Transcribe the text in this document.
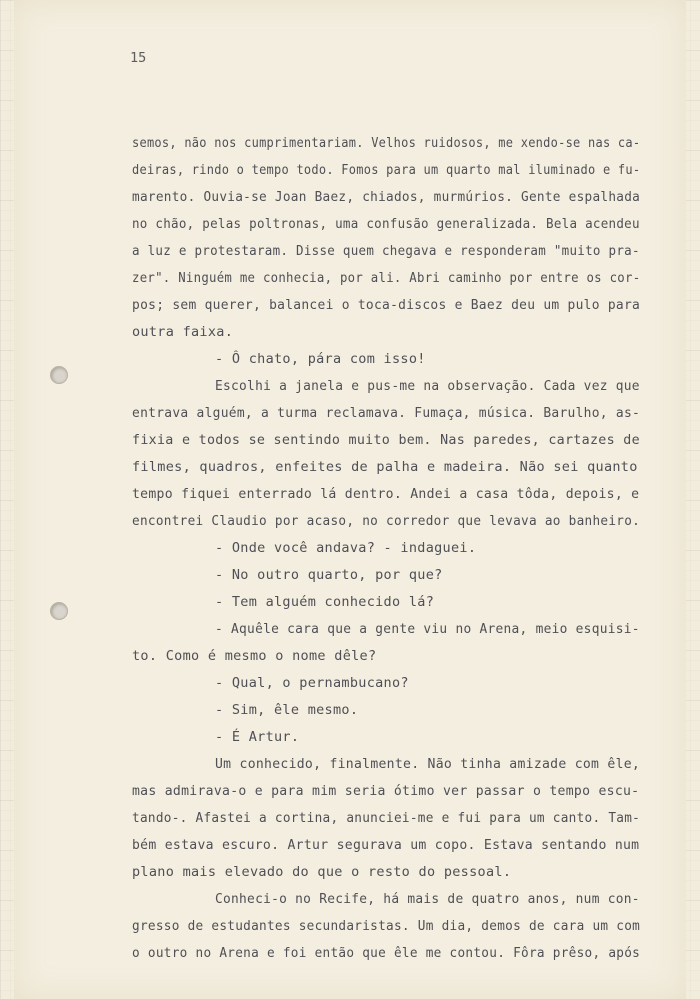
15
semos, não nos cumprimentariam. Velhos ruidosos, me xendo-se nas ca-
deiras, rindo o tempo todo. Fomos para um quarto mal iluminado e fu-
marento. Ouvia-se Joan Baez, chiados, murmúrios. Gente espalhada
no chão, pelas poltronas, uma confusão generalizada. Bela acendeu
a luz e protestaram. Disse quem chegava e responderam "muito pra-
zer". Ninguém me conhecia, por ali. Abri caminho por entre os cor-
pos; sem querer, balancei o toca-discos e Baez deu um pulo para
outra faixa.
- Ô chato, pára com isso!
Escolhi a janela e pus-me na observação. Cada vez que
entrava alguém, a turma reclamava. Fumaça, música. Barulho, as-
fixia e todos se sentindo muito bem. Nas paredes, cartazes de
filmes, quadros, enfeites de palha e madeira. Não sei quanto
tempo fiquei enterrado lá dentro. Andei a casa tôda, depois, e
encontrei Claudio por acaso, no corredor que levava ao banheiro.
- Onde você andava? - indaguei.
- No outro quarto, por que?
- Tem alguém conhecido lá?
- Aquêle cara que a gente viu no Arena, meio esquisi-
to. Como é mesmo o nome dêle?
- Qual, o pernambucano?
- Sim, êle mesmo.
- É Artur.
Um conhecido, finalmente. Não tinha amizade com êle,
mas admirava-o e para mim seria ótimo ver passar o tempo escu-
tando-. Afastei a cortina, anunciei-me e fui para um canto. Tam-
bém estava escuro. Artur segurava um copo. Estava sentando num
plano mais elevado do que o resto do pessoal.
Conheci-o no Recife, há mais de quatro anos, num con-
gresso de estudantes secundaristas. Um dia, demos de cara um com
o outro no Arena e foi então que êle me contou. Fôra prêso, após
